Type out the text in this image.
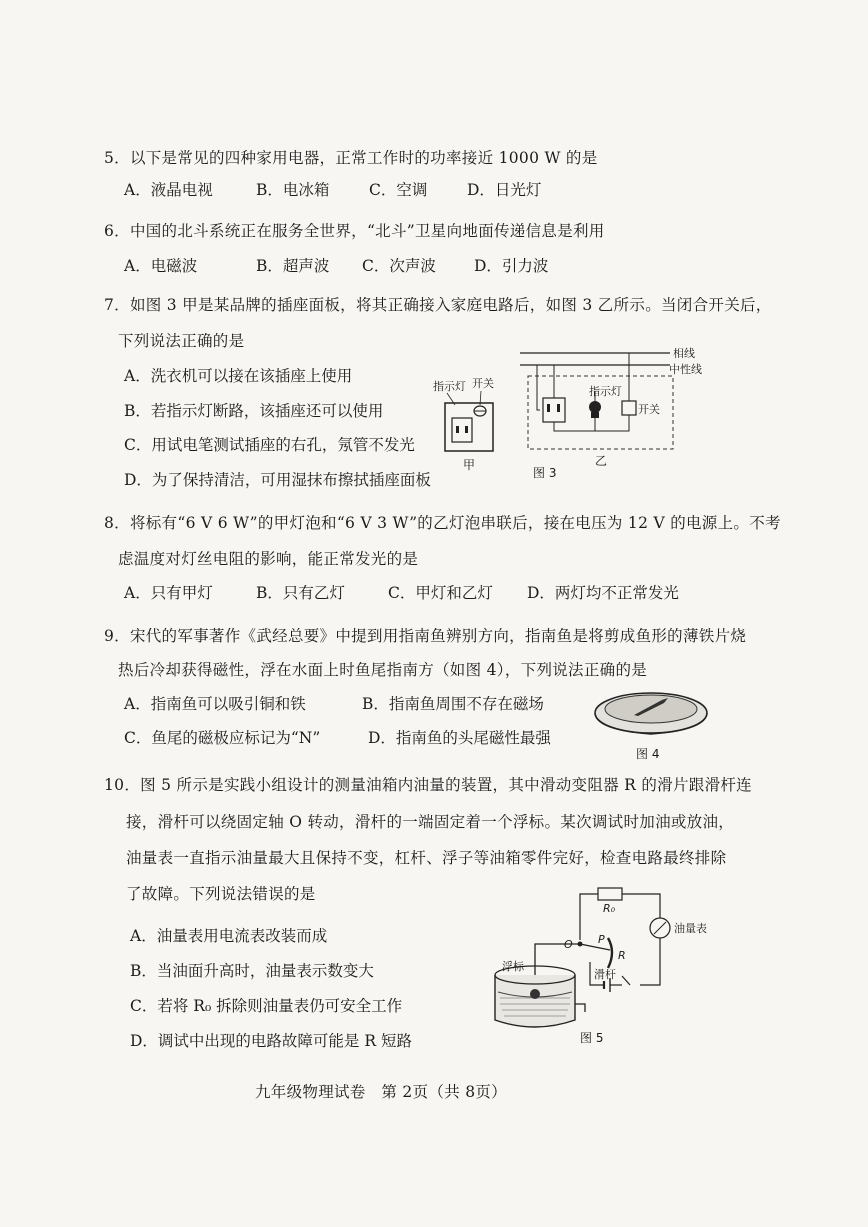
5．以下是常见的四种家用电器，正常工作时的功率接近 1000 W 的是
A．液晶电视	B．电冰箱	C．空调	D．日光灯
6．中国的北斗系统正在服务全世界，“北斗”卫星向地面传递信息是利用
A．电磁波	B．超声波 C．次声波 D．引力波
7．如图 3 甲是某品牌的插座面板，将其正确接入家庭电路后，如图 3 乙所示。当闭合开关后，
下列说法正确的是
A．洗衣机可以接在该插座上使用
B．若指示灯断路，该插座还可以使用
C．用试电笔测试插座的右孔，氖管不发光
D．为了保持清洁，可用湿抹布擦拭插座面板
指示灯 开关
甲
相线
中性线
指示灯
开关
图 3
乙
8．将标有“6 V 6 W”的甲灯泡和“6 V 3 W”的乙灯泡串联后，接在电压为 12 V 的电源上。不考
虑温度对灯丝电阻的影响，能正常发光的是
A．只有甲灯	B．只有乙灯	C．甲灯和乙灯 D．两灯均不正常发光
9．宋代的军事著作《武经总要》中提到用指南鱼辨别方向，指南鱼是将剪成鱼形的薄铁片烧
热后冷却获得磁性，浮在水面上时鱼尾指南方（如图 4），下列说法正确的是
A．指南鱼可以吸引铜和铁	B．指南鱼周围不存在磁场
C．鱼尾的磁极应标记为“N”	D．指南鱼的头尾磁性最强
图 4
10．图 5 所示是实践小组设计的测量油箱内油量的装置，其中滑动变阻器 R 的滑片跟滑杆连
接，滑杆可以绕固定轴 O 转动，滑杆的一端固定着一个浮标。某次调试时加油或放油，
油量表一直指示油量最大且保持不变，杠杆、浮子等油箱零件完好，检查电路最终排除
了故障。下列说法错误的是
A．油量表用电流表改装而成
B．当油面升高时，油量表示数变大
C．若将 R₀ 拆除则油量表仍可安全工作
D．调试中出现的电路故障可能是 R 短路
R₀
油量表
R
O P
滑杆
浮标
图 5
九年级物理试卷　第 2页（共 8页）
